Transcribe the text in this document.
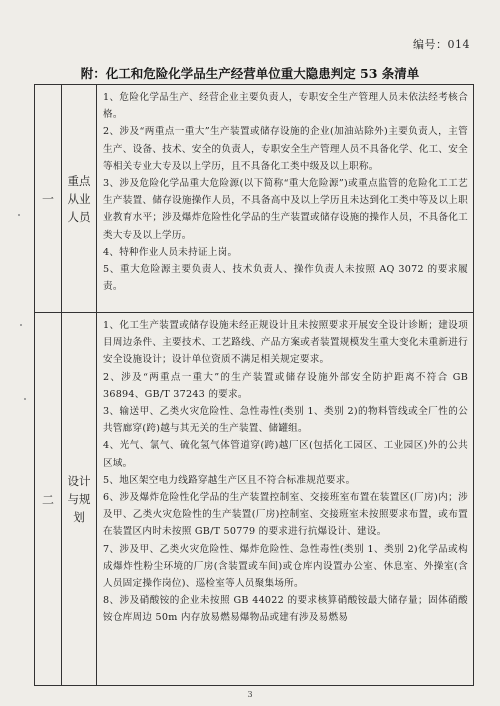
编号：014
附：化工和危险化学品生产经营单位重大隐患判定 53 条清单
一
重点从业人员

1、危险化学品生产、经营企业主要负责人，专职安全生产管理人员未依法经考核合格。

2、涉及“两重点一重大”生产装置或储存设施的企业(加油站除外)主要负责人，主管生产、设备、技术、安全的负责人，专职安全生产管理人员不具备化学、化工、安全等相关专业大专及以上学历，且不具备化工类中级及以上职称。

3、涉及危险化学品重大危险源(以下简称“重大危险源”)或重点监管的危险化工工艺生产装置、储存设施操作人员，不具备高中及以上学历且未达到化工类中等及以上职业教育水平；涉及爆炸危险性化学品的生产装置或储存设施的操作人员，不具备化工类大专及以上学历。

4、特种作业人员未持证上岗。

5、重大危险源主要负责人、技术负责人、操作负责人未按照 AQ 3072 的要求履责。

二
设计与规划

1、化工生产装置或储存设施未经正规设计且未按照要求开展安全设计诊断；建设项目周边条件、主要技术、工艺路线、产品方案或者装置规模发生重大变化未重新进行安全设施设计；设计单位资质不满足相关规定要求。

2、涉及“两重点一重大”的生产装置或储存设施外部安全防护距离不符合 GB 36894、GB/T 37243 的要求。

3、输送甲、乙类火灾危险性、急性毒性(类别 1、类别 2)的物料管线或全厂性的公共管廊穿(跨)越与其无关的生产装置、储罐组。

4、光气、氯气、硫化氢气体管道穿(跨)越厂区(包括化工园区、工业园区)外的公共区域。

5、地区架空电力线路穿越生产区且不符合标准规范要求。

6、涉及爆炸危险性化学品的生产装置控制室、交接班室布置在装置区(厂房)内；涉及甲、乙类火灾危险性的生产装置(厂房)控制室、交接班室未按照要求布置，或布置在装置区内时未按照 GB/T 50779 的要求进行抗爆设计、建设。

7、涉及甲、乙类火灾危险性、爆炸危险性、急性毒性(类别 1、类别 2)化学品或构成爆炸性粉尘环境的厂房(含装置或车间)或仓库内设置办公室、休息室、外操室(含人员固定操作岗位)、巡检室等人员聚集场所。

8、涉及硝酸铵的企业未按照 GB 44022 的要求核算硝酸铵最大储存量；固体硝酸铵仓库周边 50m 内存放易燃易爆物品或建有涉及易燃易

3
